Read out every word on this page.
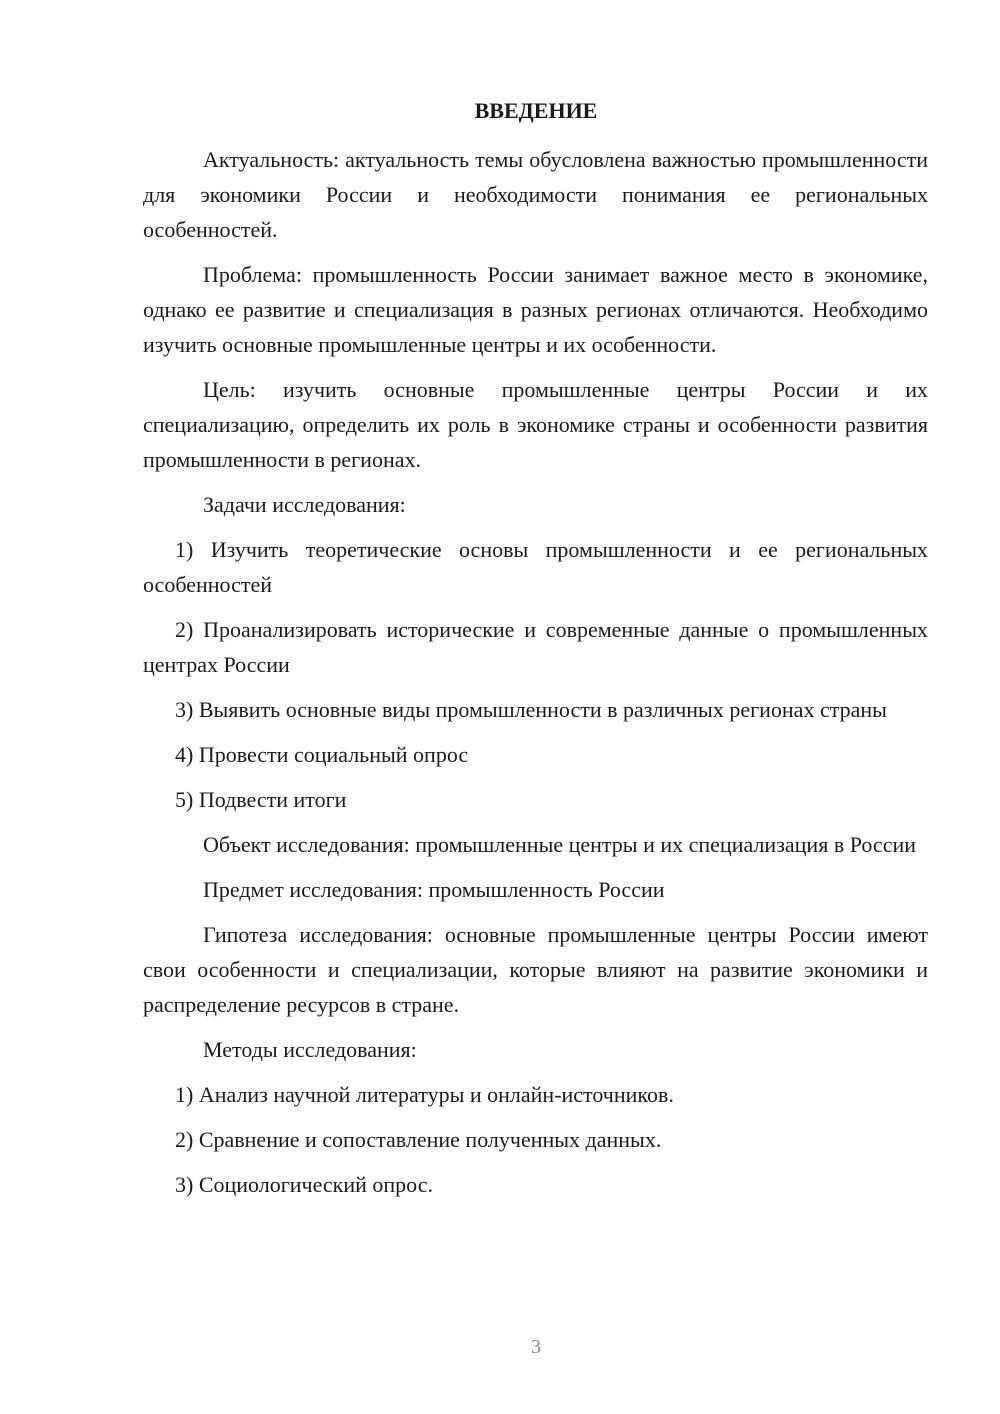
ВВЕДЕНИЕ

Актуальность: актуальность темы обусловлена важностью промышленности для экономики России и необходимости понимания ее региональных особенностей.

Проблема: промышленность России занимает важное место в экономике, однако ее развитие и специализация в разных регионах отличаются. Необходимо изучить основные промышленные центры и их особенности.

Цель: изучить основные промышленные центры России и их специализацию, определить их роль в экономике страны и особенности развития промышленности в регионах.

Задачи исследования:

1) Изучить теоретические основы промышленности и ее региональных особенностей

2) Проанализировать исторические и современные данные о промышленных центрах России

3) Выявить основные виды промышленности в различных регионах страны

4) Провести социальный опрос

5) Подвести итоги

Объект исследования: промышленные центры и их специализация в России

Предмет исследования: промышленность России

Гипотеза исследования: основные промышленные центры России имеют свои особенности и специализации, которые влияют на развитие экономики и распределение ресурсов в стране.

Методы исследования:

1) Анализ научной литературы и онлайн-источников.

2) Сравнение и сопоставление полученных данных.

3) Социологический опрос.

3
